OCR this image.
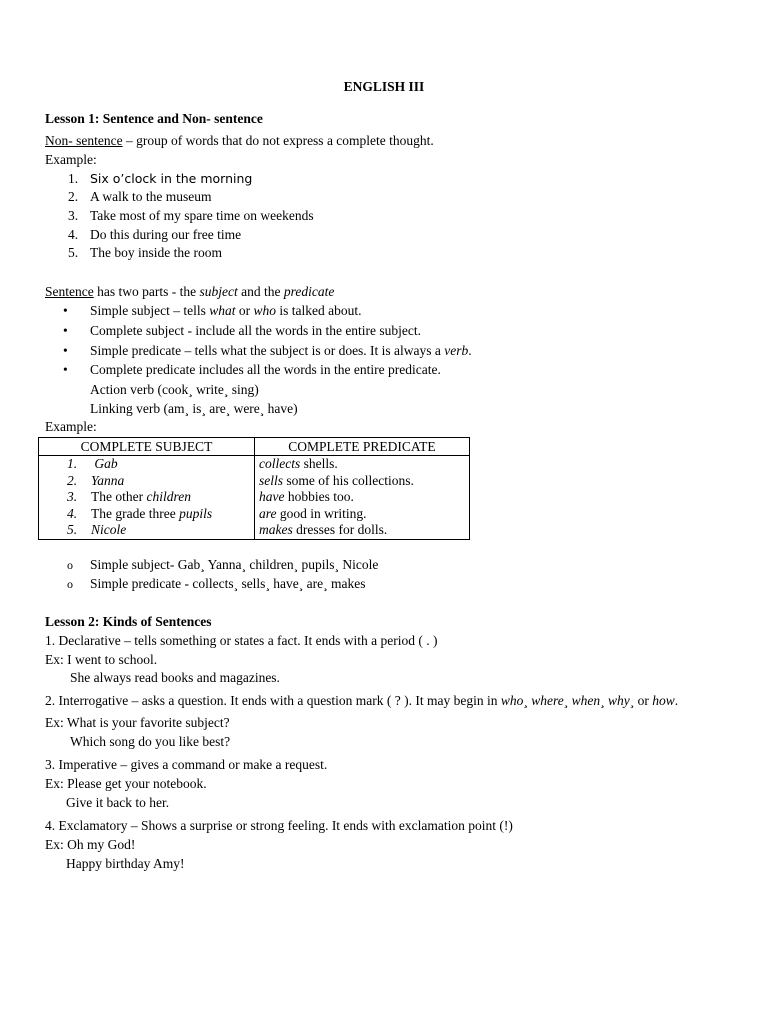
ENGLISH III
Lesson 1: Sentence and Non- sentence
Non- sentence – group of words that do not express a complete thought.
Example:
1. Six o’clock in the morning
2. A walk to the museum
3. Take most of my spare time on weekends
4. Do this during our free time
5. The boy inside the room
Sentence has two parts - the subject and the predicate
• Simple subject – tells what or who is talked about.
• Complete subject - include all the words in the entire subject.
• Simple predicate – tells what the subject is or does. It is always a verb.
• Complete predicate includes all the words in the entire predicate.
Action verb (cook¸ write¸ sing)
Linking verb (am¸ is¸ are¸ were¸ have)
Example:
COMPLETE SUBJECT	COMPLETE PREDICATE
1. Gab	collects shells.
2. Yanna	sells some of his collections.
3. The other children	have hobbies too.
4. The grade three pupils	are good in writing.
5. Nicole	makes dresses for dolls.
o Simple subject- Gab¸ Yanna¸ children¸ pupils¸ Nicole
o Simple predicate - collects¸ sells¸ have¸ are¸ makes
Lesson 2: Kinds of Sentences
1. Declarative – tells something or states a fact. It ends with a period ( . )
Ex: I went to school.
She always read books and magazines.
2. Interrogative – asks a question. It ends with a question mark ( ? ). It may begin in who¸ where¸ when¸ why¸ or how.
Ex: What is your favorite subject?
Which song do you like best?
3. Imperative – gives a command or make a request.
Ex: Please get your notebook.
Give it back to her.
4. Exclamatory – Shows a surprise or strong feeling. It ends with exclamation point (!)
Ex: Oh my God!
Happy birthday Amy!
